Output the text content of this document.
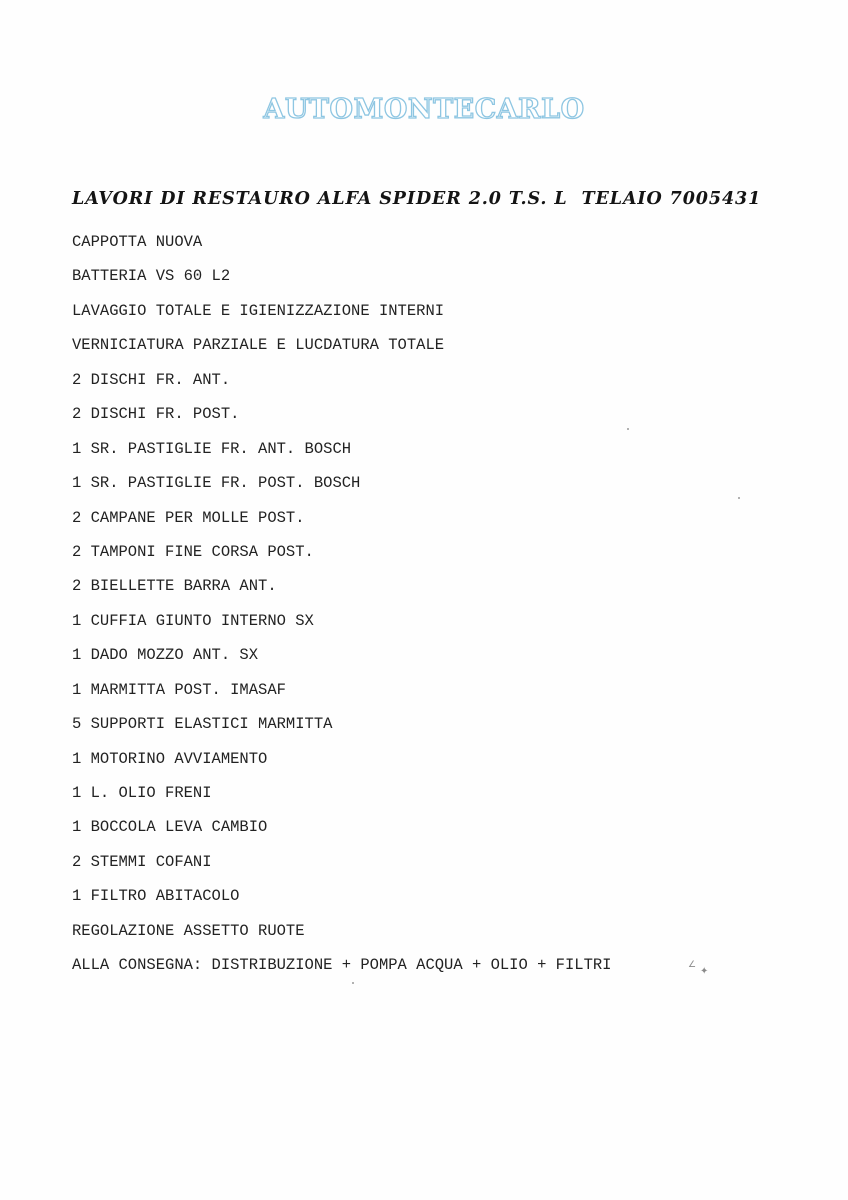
AUTOMONTECARLO
LAVORI DI RESTAURO ALFA SPIDER 2.0 T.S. L  TELAIO 7005431
CAPPOTTA NUOVA
BATTERIA VS 60 L2
LAVAGGIO TOTALE E IGIENIZZAZIONE INTERNI
VERNICIATURA PARZIALE E LUCDATURA TOTALE
2 DISCHI FR. ANT.
2 DISCHI FR. POST.
1 SR. PASTIGLIE FR. ANT. BOSCH
1 SR. PASTIGLIE FR. POST. BOSCH
2 CAMPANE PER MOLLE POST.
2 TAMPONI FINE CORSA POST.
2 BIELLETTE BARRA ANT.
1 CUFFIA GIUNTO INTERNO SX
1 DADO MOZZO ANT. SX
1 MARMITTA POST. IMASAF
5 SUPPORTI ELASTICI MARMITTA
1 MOTORINO AVVIAMENTO
1 L. OLIO FRENI
1 BOCCOLA LEVA CAMBIO
2 STEMMI COFANI
1 FILTRO ABITACOLO
REGOLAZIONE ASSETTO RUOTE
ALLA CONSEGNA: DISTRIBUZIONE + POMPA ACQUA + OLIO + FILTRI	∠
✦
